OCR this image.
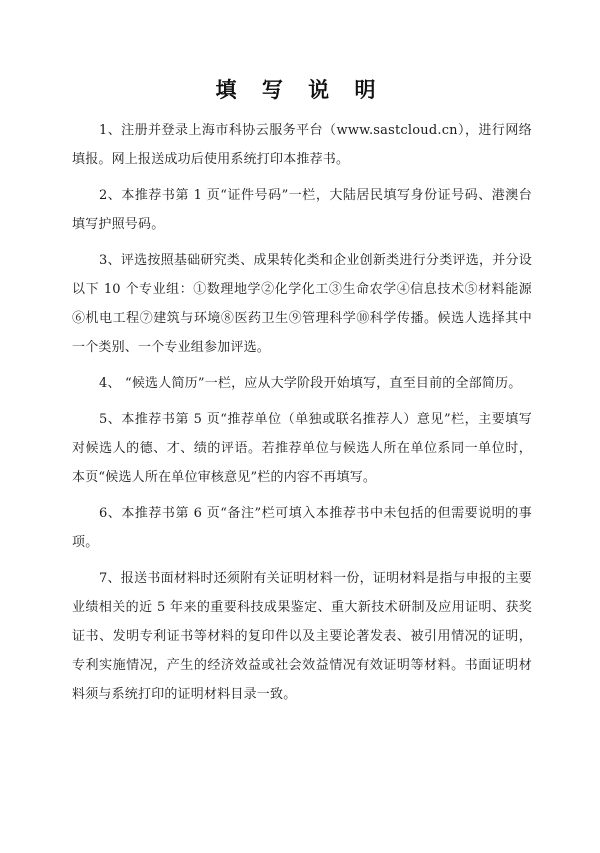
填 写 说 明

1、注册并登录上海市科协云服务平台（www.sastcloud.cn），进行网络填报。网上报送成功后使用系统打印本推荐书。

2、本推荐书第 1 页“证件号码”一栏，大陆居民填写身份证号码、港澳台填写护照号码。

3、评选按照基础研究类、成果转化类和企业创新类进行分类评选，并分设以下 10 个专业组：①数理地学②化学化工③生命农学④信息技术⑤材料能源⑥机电工程⑦建筑与环境⑧医药卫生⑨管理科学⑩科学传播。候选人选择其中一个类别、一个专业组参加评选。

4、 “候选人简历”一栏，应从大学阶段开始填写，直至目前的全部简历。

5、本推荐书第 5 页“推荐单位（单独或联名推荐人）意见”栏，主要填写对候选人的德、才、绩的评语。若推荐单位与候选人所在单位系同一单位时，本页“候选人所在单位审核意见”栏的内容不再填写。

6、本推荐书第 6 页“备注”栏可填入本推荐书中未包括的但需要说明的事项。

7、报送书面材料时还须附有关证明材料一份，证明材料是指与申报的主要业绩相关的近 5 年来的重要科技成果鉴定、重大新技术研制及应用证明、获奖证书、发明专利证书等材料的复印件以及主要论著发表、被引用情况的证明，专利实施情况，产生的经济效益或社会效益情况有效证明等材料。书面证明材料须与系统打印的证明材料目录一致。
